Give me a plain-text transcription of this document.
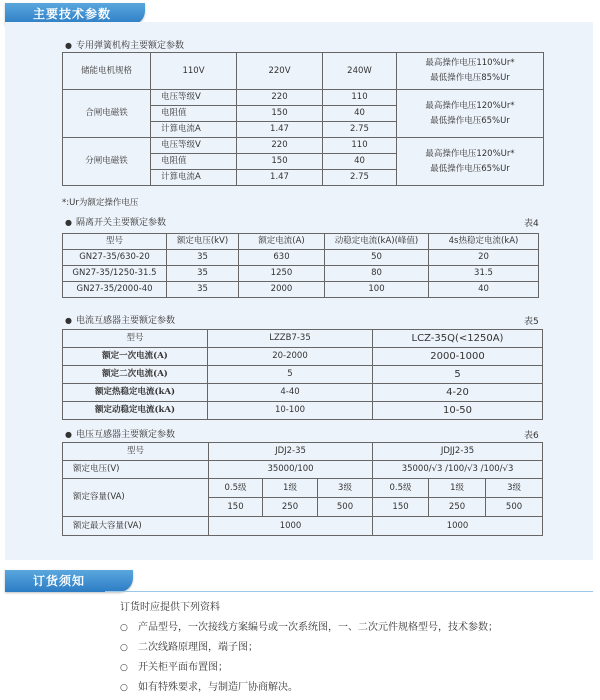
主要技术参数
● 专用弹簧机构主要额定参数
储能电机规格	110V	220V	240W	最高操作电压110%Ur*
最低操作电压85%Ur

合闸电磁铁	电压等级V	220	110	最高操作电压120%Ur*
最低操作电压65%Ur

	电阻值	150	40	
	计算电流A	1.47	2.75	
分闸电磁铁	电压等级V	220	110	最高操作电压120%Ur*
最低操作电压65%Ur

	电阻值	150	40	
	计算电流A	1.47	2.75	
*:Ur为额定操作电压
● 隔离开关主要额定参数	表4
型号	额定电压(kV)	额定电流(A)	动稳定电流(kA)(峰值)	4s热稳定电流(kA)
GN27-35/630-20	35	630	50	20
GN27-35/1250-31.5	35	1250	80	31.5
GN27-35/2000-40	35	2000	100	40
● 电流互感器主要额定参数	表5
型号	LZZB7-35	LCZ-35Q(<1250A)
额定一次电流(A)	20-2000	2000-1000
额定二次电流(A)	5	5
额定热稳定电流(kA)	4-40	4-20
额定动稳定电流(kA)	10-100	10-50
● 电压互感器主要额定参数	表6
型号	JDJ2-35			JDJJ2-35		
额定电压(V)	35000/100			35000/√3 /100/√3 /100/√3		
额定容量(VA)	0.5级	1级	3级	0.5级	1级	3级
	150	250	500	150	250	500
额定最大容量(VA)	1000			1000		
订货须知
订货时应提供下列资料
○ 产品型号，一次接线方案编号或一次系统图，一、二次元件规格型号，技术参数；
○ 二次线路原理图，端子图；
○ 开关柜平面布置图；
○ 如有特殊要求，与制造厂协商解决。
